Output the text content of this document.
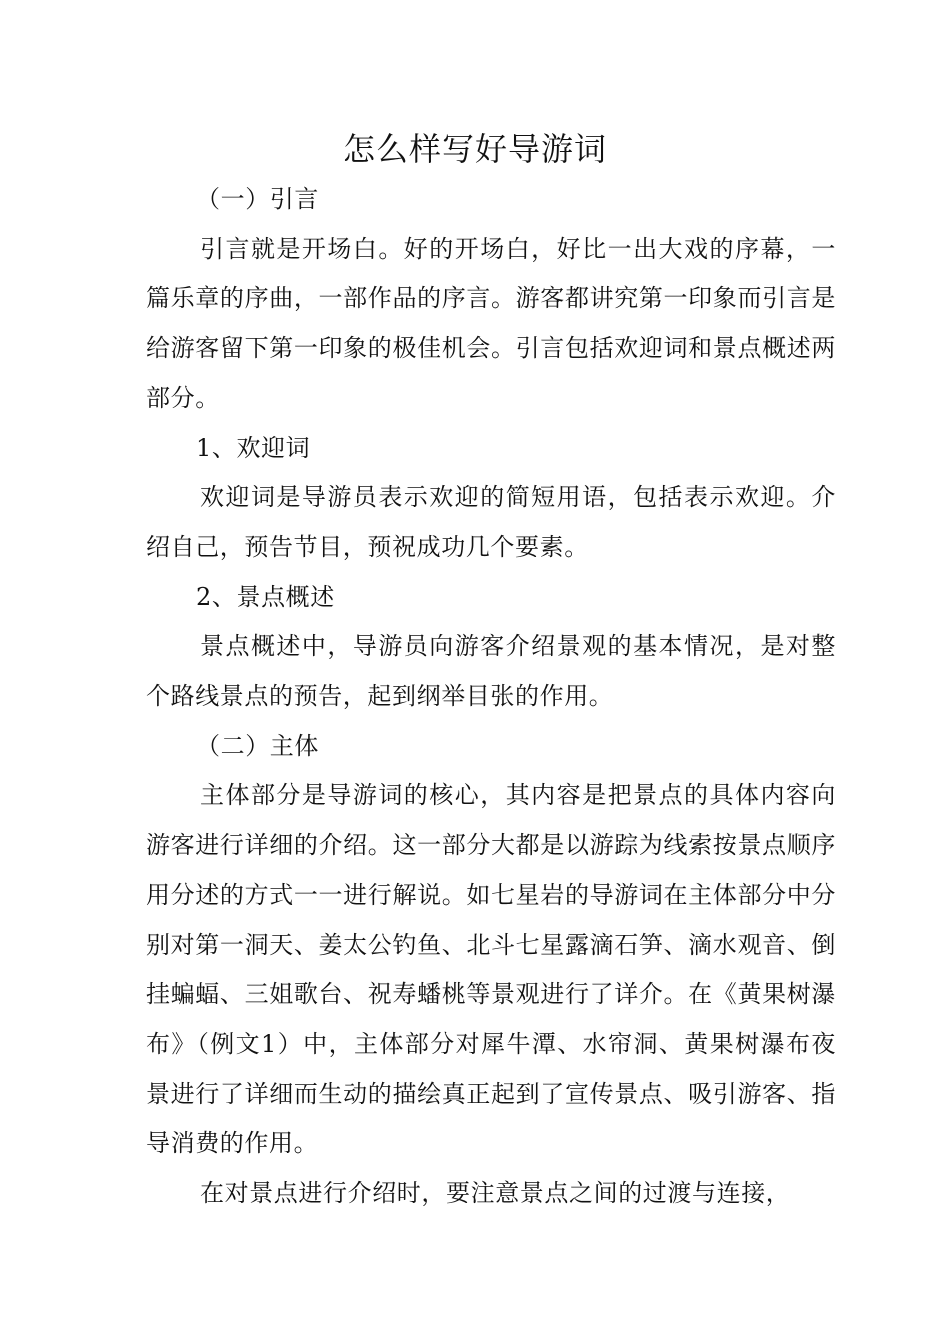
怎么样写好导游词

（一）引言

引言就是开场白。好的开场白，好比一出大戏的序幕，一篇乐章的序曲，一部作品的序言。游客都讲究第一印象而引言是给游客留下第一印象的极佳机会。引言包括欢迎词和景点概述两部分。

1、欢迎词

欢迎词是导游员表示欢迎的简短用语，包括表示欢迎。介绍自己，预告节目，预祝成功几个要素。

2、景点概述

景点概述中，导游员向游客介绍景观的基本情况，是对整个路线景点的预告，起到纲举目张的作用。

（二）主体

主体部分是导游词的核心，其内容是把景点的具体内容向游客进行详细的介绍。这一部分大都是以游踪为线索按景点顺序用分述的方式一一进行解说。如七星岩的导游词在主体部分中分别对第一洞天、姜太公钓鱼、北斗七星露滴石笋、滴水观音、倒挂蝙蝠、三姐歌台、祝寿蟠桃等景观进行了详介。在《黄果树瀑布》（例文1）中，主体部分对犀牛潭、水帘洞、黄果树瀑布夜景进行了详细而生动的描绘真正起到了宣传景点、吸引游客、指导消费的作用。

在对景点进行介绍时，要注意景点之间的过渡与连接，
